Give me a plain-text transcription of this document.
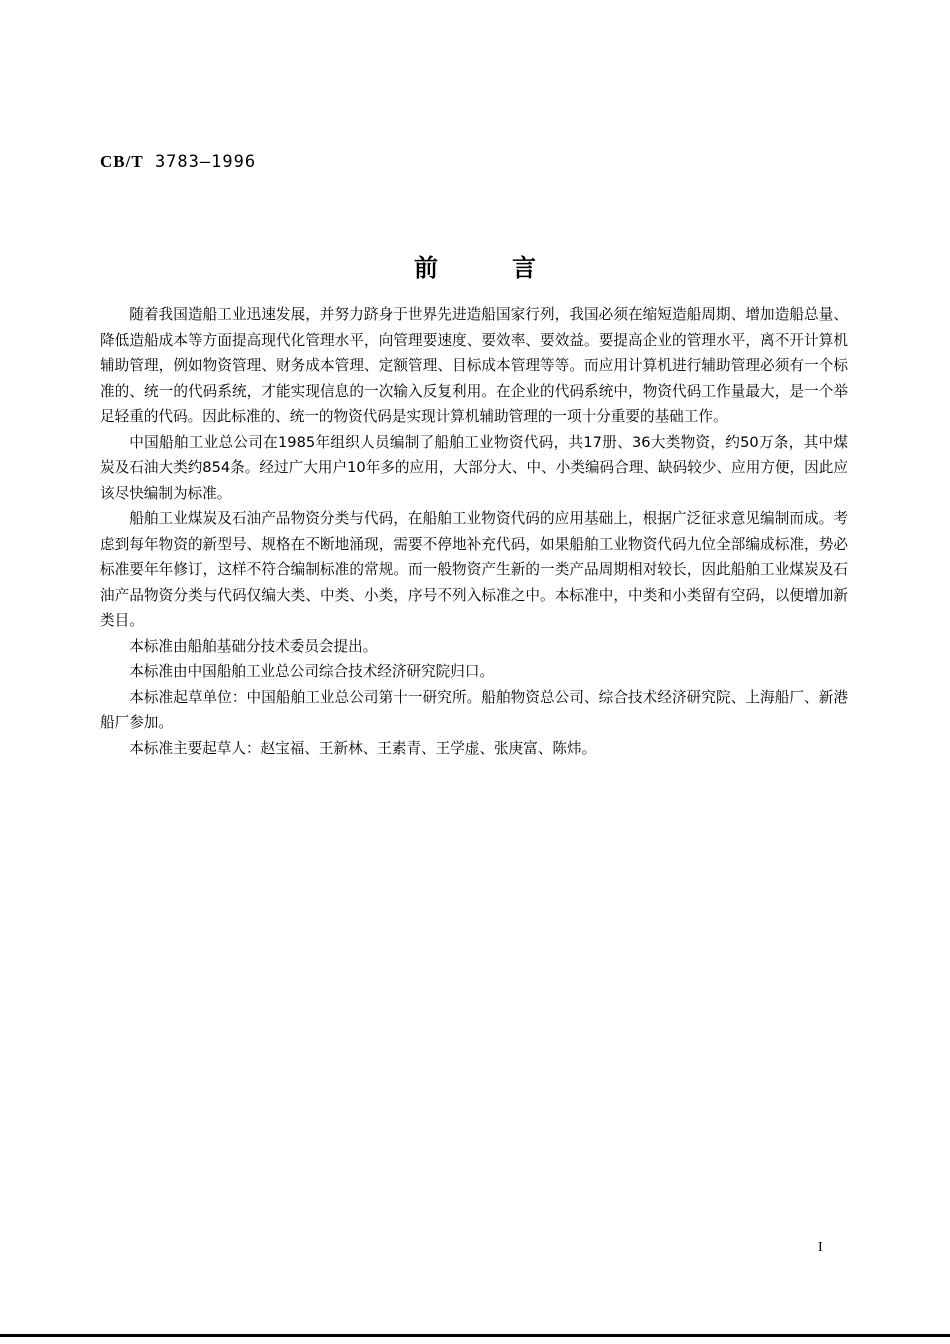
CB/T 3783—1996
前	言

随着我国造船工业迅速发展，并努力跻身于世界先进造船国家行列，我国必须在缩短造船周期、增加造船总量、降低造船成本等方面提高现代化管理水平，向管理要速度、要效率、要效益。要提高企业的管理水平，离不开计算机辅助管理，例如物资管理、财务成本管理、定额管理、目标成本管理等等。而应用计算机进行辅助管理必须有一个标准的、统一的代码系统，才能实现信息的一次输入反复利用。在企业的代码系统中，物资代码工作量最大，是一个举足轻重的代码。因此标准的、统一的物资代码是实现计算机辅助管理的一项十分重要的基础工作。

中国船舶工业总公司在1985年组织人员编制了船舶工业物资代码，共17册、36大类物资，约50万条，其中煤炭及石油大类约854条。经过广大用户10年多的应用，大部分大、中、小类编码合理、缺码较少、应用方便，因此应该尽快编制为标准。

船舶工业煤炭及石油产品物资分类与代码，在船舶工业物资代码的应用基础上，根据广泛征求意见编制而成。考虑到每年物资的新型号、规格在不断地涌现，需要不停地补充代码，如果船舶工业物资代码九位全部编成标准，势必标准要年年修订，这样不符合编制标准的常规。而一般物资产生新的一类产品周期相对较长，因此船舶工业煤炭及石油产品物资分类与代码仅编大类、中类、小类，序号不列入标准之中。本标准中，中类和小类留有空码，以便增加新类目。

本标准由船舶基础分技术委员会提出。

本标准由中国船舶工业总公司综合技术经济研究院归口。

本标准起草单位：中国船舶工业总公司第十一研究所。船舶物资总公司、综合技术经济研究院、上海船厂、新港船厂参加。

本标准主要起草人：赵宝福、王新林、王素青、王学虚、张庚富、陈炜。

I
